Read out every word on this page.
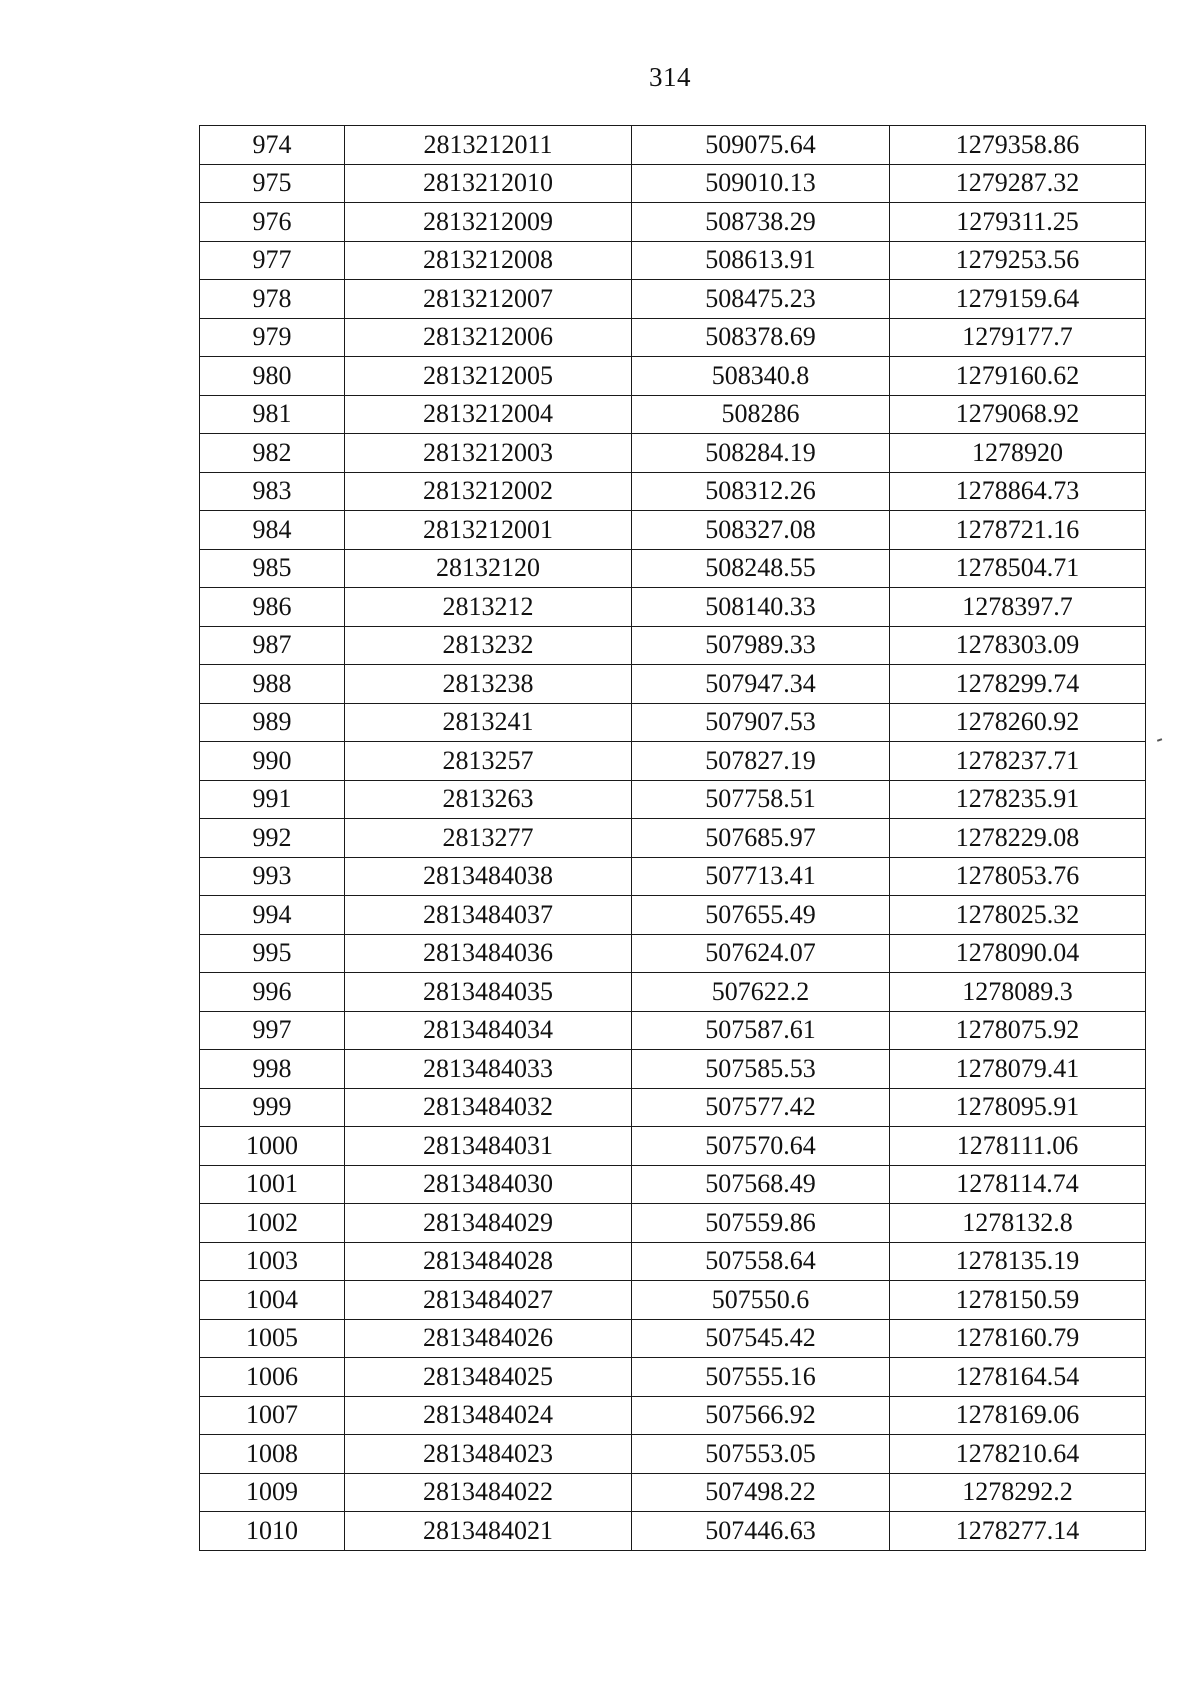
314
974	2813212011	509075.64	1279358.86
975	2813212010	509010.13	1279287.32
976	2813212009	508738.29	1279311.25
977	2813212008	508613.91	1279253.56
978	2813212007	508475.23	1279159.64
979	2813212006	508378.69	1279177.7
980	2813212005	508340.8	1279160.62
981	2813212004	508286	1279068.92
982	2813212003	508284.19	1278920
983	2813212002	508312.26	1278864.73
984	2813212001	508327.08	1278721.16
985	28132120	508248.55	1278504.71
986	2813212	508140.33	1278397.7
987	2813232	507989.33	1278303.09
988	2813238	507947.34	1278299.74
989	2813241	507907.53	1278260.92
990	2813257	507827.19	1278237.71
991	2813263	507758.51	1278235.91
992	2813277	507685.97	1278229.08
993	2813484038	507713.41	1278053.76
994	2813484037	507655.49	1278025.32
995	2813484036	507624.07	1278090.04
996	2813484035	507622.2	1278089.3
997	2813484034	507587.61	1278075.92
998	2813484033	507585.53	1278079.41
999	2813484032	507577.42	1278095.91
1000	2813484031	507570.64	1278111.06
1001	2813484030	507568.49	1278114.74
1002	2813484029	507559.86	1278132.8
1003	2813484028	507558.64	1278135.19
1004	2813484027	507550.6	1278150.59
1005	2813484026	507545.42	1278160.79
1006	2813484025	507555.16	1278164.54
1007	2813484024	507566.92	1278169.06
1008	2813484023	507553.05	1278210.64
1009	2813484022	507498.22	1278292.2
1010	2813484021	507446.63	1278277.14
